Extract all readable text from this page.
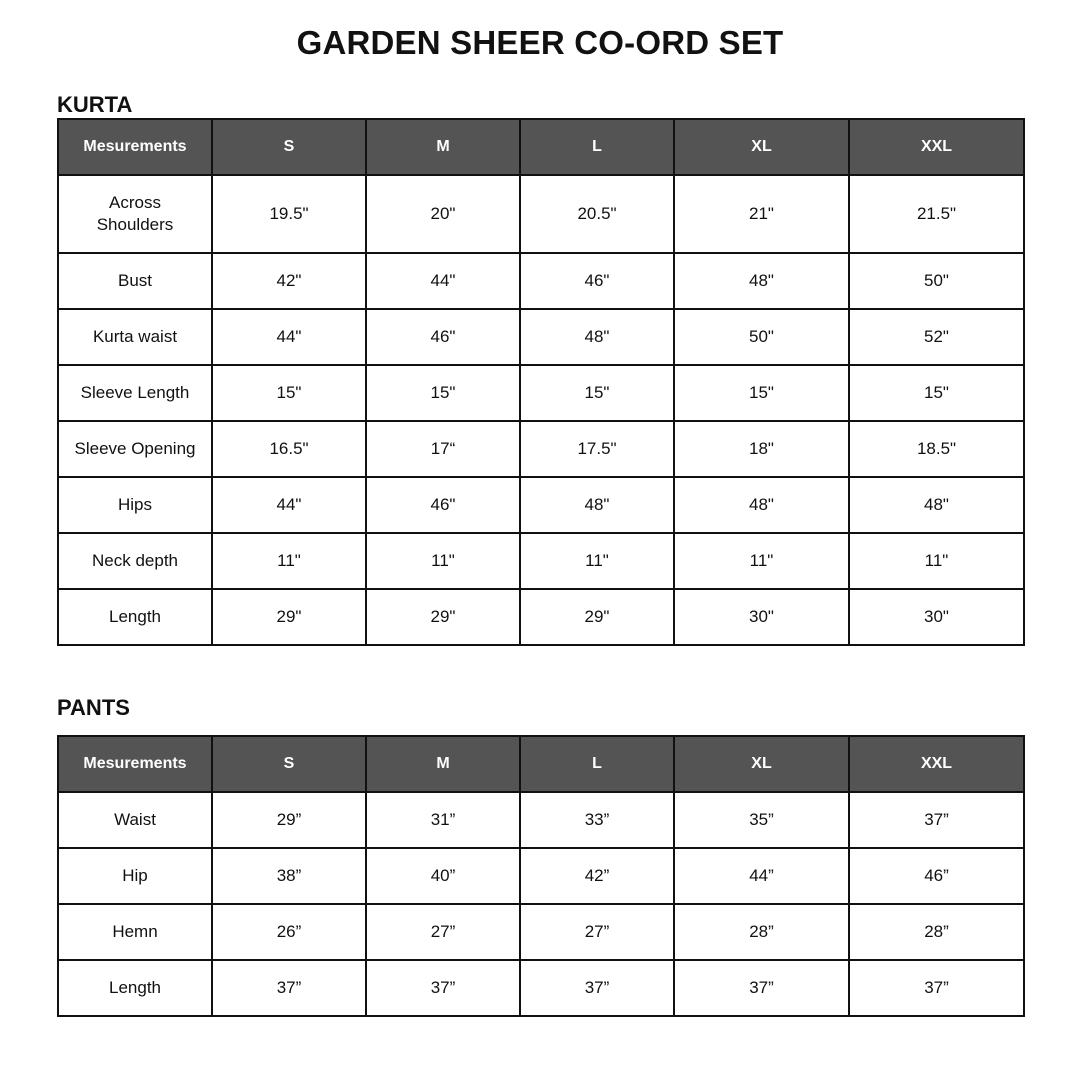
GARDEN SHEER CO-ORD SET
KURTA
Mesurements	S	M	L	XL	XXL
Across Shoulders	19.5"	20"	20.5"	21"	21.5"
Bust	42"	44"	46"	48"	50"
Kurta waist	44"	46"	48"	50"	52"
Sleeve Length	15"	15"	15"	15"	15"
Sleeve Opening	16.5"	17“	17.5"	18"	18.5"
Hips	44"	46"	48"	48"	48"
Neck depth	11"	11"	11"	11"	11"
Length	29"	29"	29"	30"	30"
PANTS
Mesurements	S	M	L	XL	XXL
Waist	29”	31”	33”	35”	37”
Hip	38”	40”	42”	44”	46”
Hemn	26”	27”	27”	28”	28”
Length	37”	37”	37”	37”	37”
